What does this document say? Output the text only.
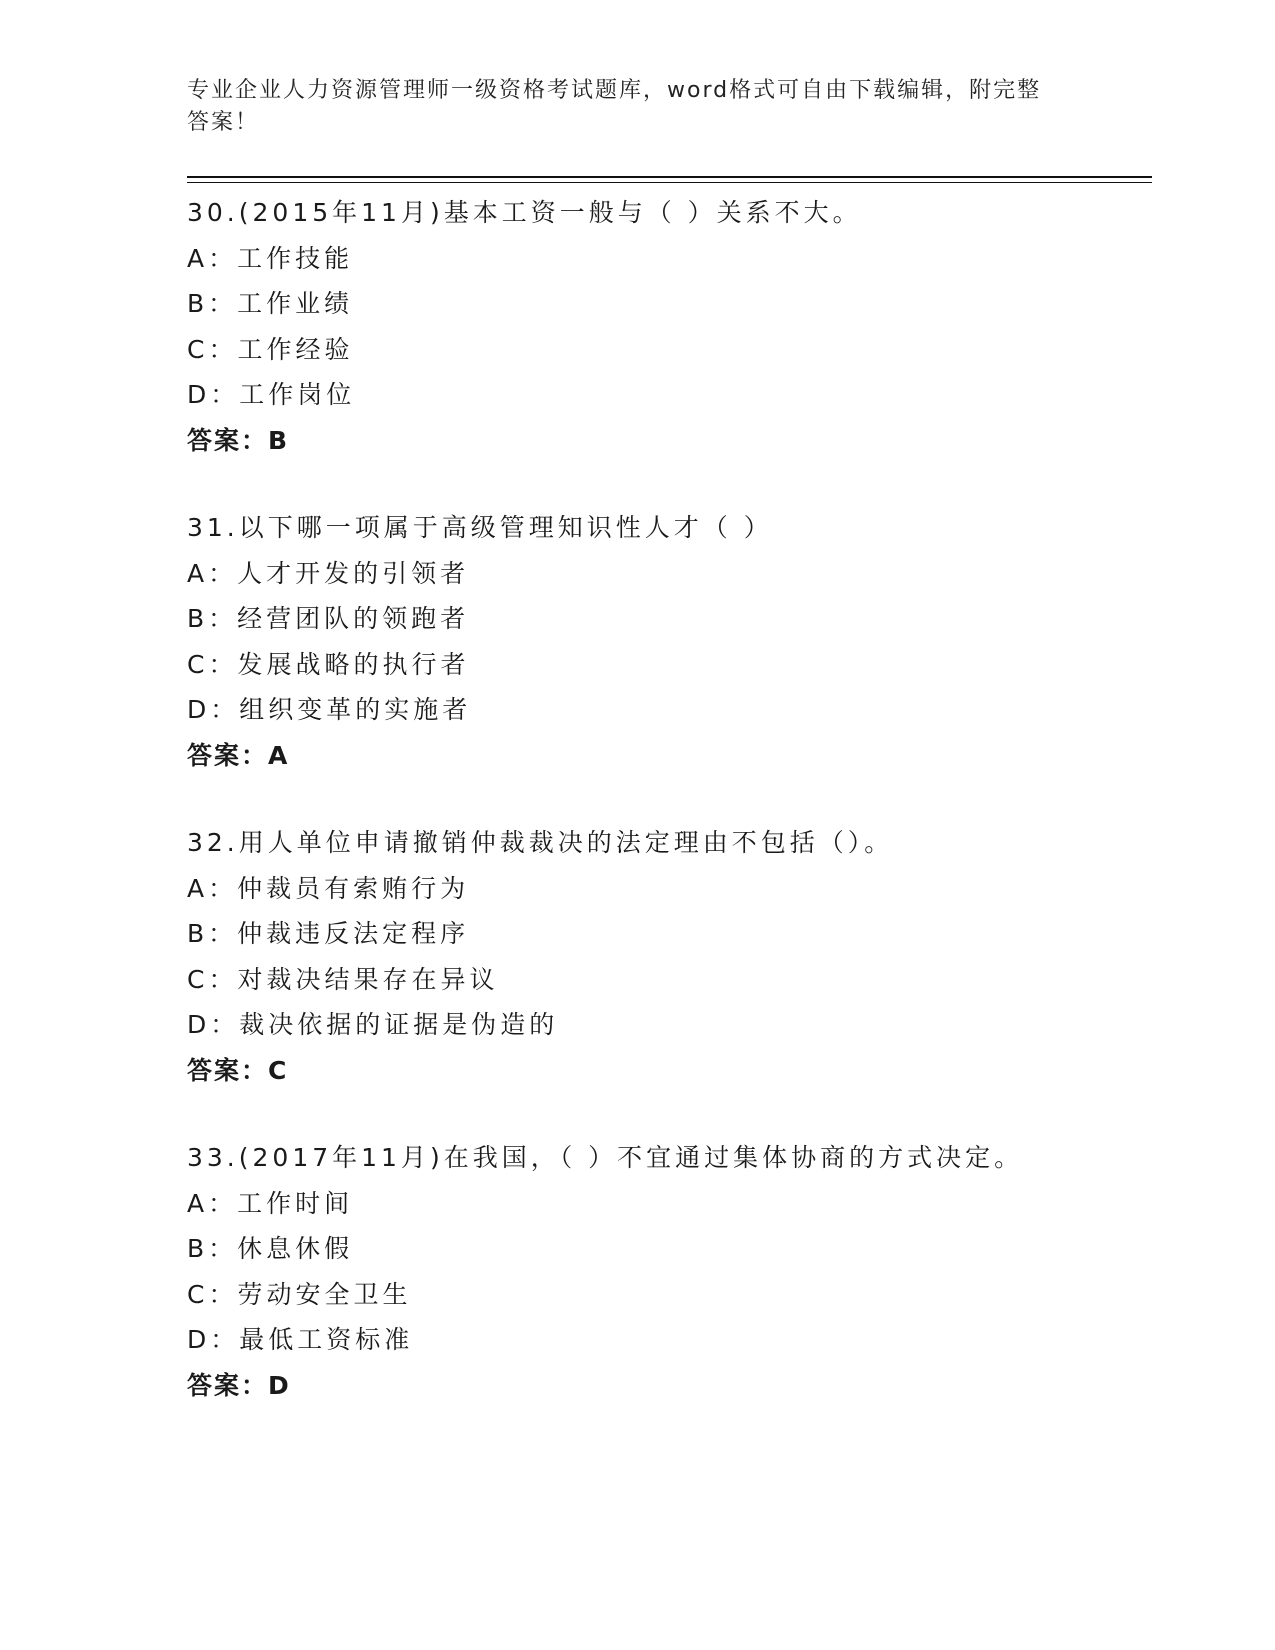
专业企业人力资源管理师一级资格考试题库，word格式可自由下载编辑，附完整
答案！
30.(2015年11月)基本工资一般与（ ）关系不大。
A：工作技能
B：工作业绩
C：工作经验
D：工作岗位
答案：B
31.以下哪一项属于高级管理知识性人才（ ）
A：人才开发的引领者
B：经营团队的领跑者
C：发展战略的执行者
D：组织变革的实施者
答案：A
32.用人单位申请撤销仲裁裁决的法定理由不包括（）。
A：仲裁员有索贿行为
B：仲裁违反法定程序
C：对裁决结果存在异议
D：裁决依据的证据是伪造的
答案：C
33.(2017年11月)在我国，（ ）不宜通过集体协商的方式决定。
A：工作时间
B：休息休假
C：劳动安全卫生
D：最低工资标准
答案：D
